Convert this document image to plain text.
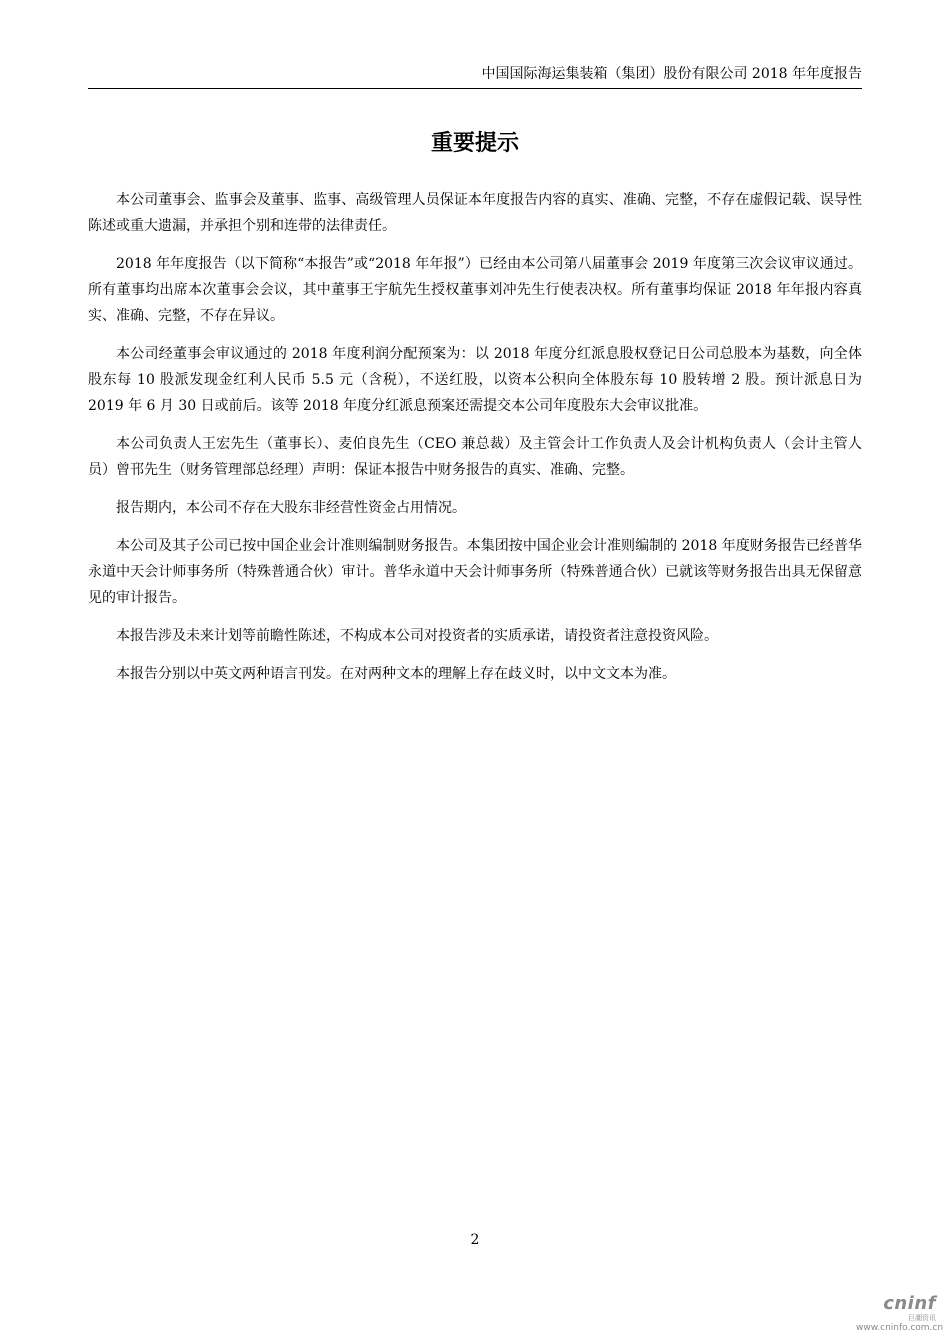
中国国际海运集装箱（集团）股份有限公司 2018 年年度报告
重要提示

本公司董事会、监事会及董事、监事、高级管理人员保证本年度报告内容的真实、准确、完整，不存在虚假记载、误导性陈述或重大遗漏，并承担个别和连带的法律责任。

2018 年年度报告（以下简称“本报告”或“2018 年年报”）已经由本公司第八届董事会 2019 年度第三次会议审议通过。所有董事均出席本次董事会会议，其中董事王宇航先生授权董事刘冲先生行使表决权。所有董事均保证 2018 年年报内容真实、准确、完整，不存在异议。

本公司经董事会审议通过的 2018 年度利润分配预案为：以 2018 年度分红派息股权登记日公司总股本为基数，向全体股东每 10 股派发现金红利人民币 5.5 元（含税），不送红股，以资本公积向全体股东每 10 股转增 2 股。预计派息日为 2019 年 6 月 30 日或前后。该等 2018 年度分红派息预案还需提交本公司年度股东大会审议批准。

本公司负责人王宏先生（董事长）、麦伯良先生（CEO 兼总裁）及主管会计工作负责人及会计机构负责人（会计主管人员）曾邗先生（财务管理部总经理）声明：保证本报告中财务报告的真实、准确、完整。

报告期内，本公司不存在大股东非经营性资金占用情况。

本公司及其子公司已按中国企业会计准则编制财务报告。本集团按中国企业会计准则编制的 2018 年度财务报告已经普华永道中天会计师事务所（特殊普通合伙）审计。普华永道中天会计师事务所（特殊普通合伙）已就该等财务报告出具无保留意见的审计报告。

本报告涉及未来计划等前瞻性陈述，不构成本公司对投资者的实质承诺，请投资者注意投资风险。

本报告分别以中英文两种语言刊发。在对两种文本的理解上存在歧义时，以中文文本为准。

2
cninf
巨潮资讯
www.cninfo.com.cn
